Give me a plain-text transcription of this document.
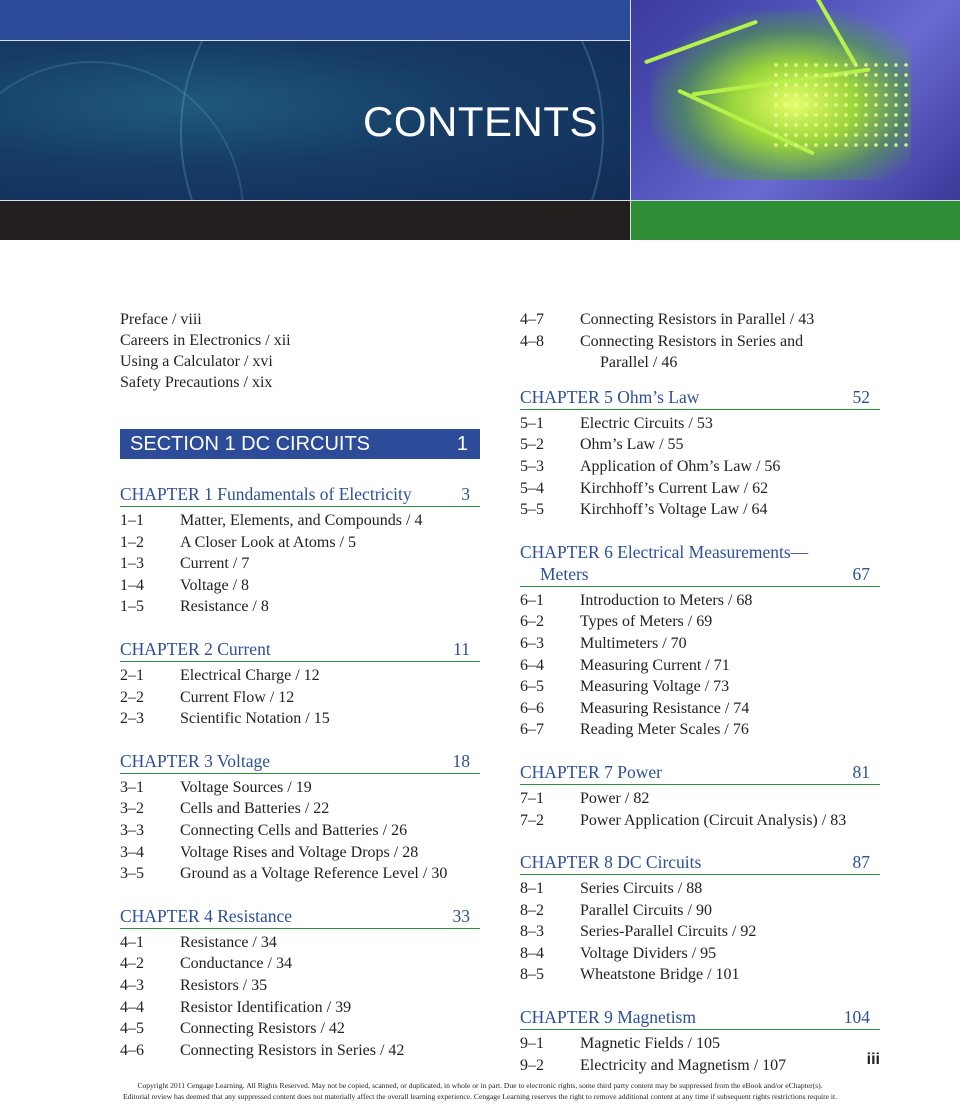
CONTENTS
Preface / viii
Careers in Electronics / xii
Using a Calculator / xvi
Safety Precautions / xix
SECTION 1 DC CIRCUITS	1
CHAPTER 1 Fundamentals of Electricity	3
1–1	Matter, Elements, and Compounds / 4
1–2	A Closer Look at Atoms / 5
1–3	Current / 7
1–4	Voltage / 8
1–5	Resistance / 8
CHAPTER 2 Current	11
2–1	Electrical Charge / 12
2–2	Current Flow / 12
2–3	Scientific Notation / 15
CHAPTER 3 Voltage	18
3–1	Voltage Sources / 19
3–2	Cells and Batteries / 22
3–3	Connecting Cells and Batteries / 26
3–4	Voltage Rises and Voltage Drops / 28
3–5	Ground as a Voltage Reference Level / 30
CHAPTER 4 Resistance	33
4–1	Resistance / 34
4–2	Conductance / 34
4–3	Resistors / 35
4–4	Resistor Identification / 39
4–5	Connecting Resistors / 42
4–6	Connecting Resistors in Series / 42
4–7	Connecting Resistors in Parallel / 43
4–8	Connecting Resistors in Series and
Parallel / 46
CHAPTER 5 Ohm’s Law	52
5–1	Electric Circuits / 53
5–2	Ohm’s Law / 55
5–3	Application of Ohm’s Law / 56
5–4	Kirchhoff’s Current Law / 62
5–5	Kirchhoff’s Voltage Law / 64
CHAPTER 6 Electrical Measurements—
Meters	67
6–1	Introduction to Meters / 68
6–2	Types of Meters / 69
6–3	Multimeters / 70
6–4	Measuring Current / 71
6–5	Measuring Voltage / 73
6–6	Measuring Resistance / 74
6–7	Reading Meter Scales / 76
CHAPTER 7 Power	81
7–1	Power / 82
7–2	Power Application (Circuit Analysis) / 83
CHAPTER 8 DC Circuits	87
8–1	Series Circuits / 88
8–2	Parallel Circuits / 90
8–3	Series-Parallel Circuits / 92
8–4	Voltage Dividers / 95
8–5	Wheatstone Bridge / 101
CHAPTER 9 Magnetism	104
9–1	Magnetic Fields / 105
9–2	Electricity and Magnetism / 107	iii
Copyright 2011 Cengage Learning. All Rights Reserved. May not be copied, scanned, or duplicated, in whole or in part. Due to electronic rights, some third party content may be suppressed from the eBook and/or eChapter(s).
Editorial review has deemed that any suppressed content does not materially affect the overall learning experience. Cengage Learning reserves the right to remove additional content at any time if subsequent rights restrictions require it.
